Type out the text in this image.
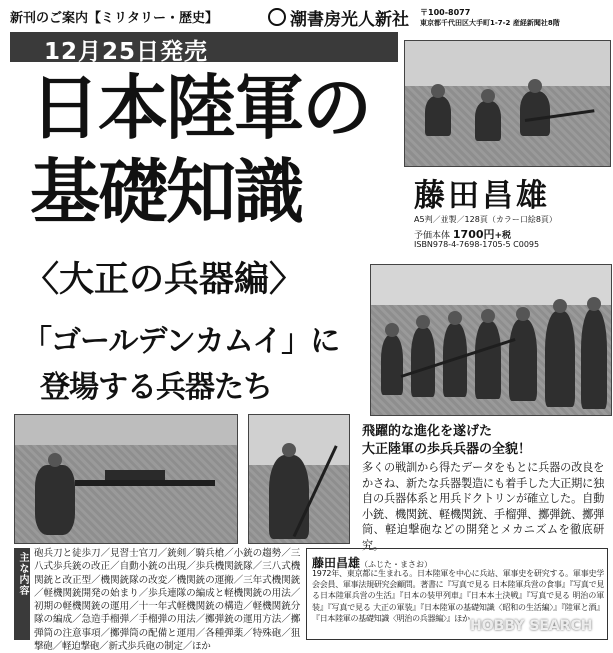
新刊のご案内【ミリタリー・歴史】	潮書房光人新社 〒100-8077
東京都千代田区大手町1-7-2 産経新聞社8階
12月25日発売
日本陸軍の
基礎知識
〈大正の兵器編〉
「ゴールデンカムイ」に
登場する兵器たち
藤田昌雄
A5判／並製／128頁（カラー口絵8頁）
予価本体 1700円+税
ISBN978-4-7698-1705-5 C0095
飛躍的な進化を遂げた
大正陸軍の歩兵兵器の全貌！
多くの戦訓から得たデータをもとに兵器の改良をかさね、新たな兵器製造にも着手した大正期に独自の兵器体系と用兵ドクトリンが確立した。自動小銃、機関銃、軽機関銃、手榴弾、擲弾銃、擲弾筒、軽迫撃砲などの開発とメカニズムを徹底研究。
主な内容 砲兵刀と徒歩刀／見習士官刀／銃剣／騎兵槍／小銃の趨勢／三八式歩兵銃の改正／自動小銃の出現／歩兵機関銃隊／三八式機関銃と改正型／機関銃隊の改変／機関銃の運搬／三年式機関銃／軽機関銃開発の始まり／歩兵連隊の編成と軽機関銃の用法／初期の軽機関銃の運用／十一年式軽機関銃の構造／軽機関銃分隊の編成／急造手榴弾／手榴弾の用法／擲弾銃の運用方法／擲弾筒の注意事項／擲弾筒の配備と運用／各種弾薬／特殊砲／狙撃砲／軽迫撃砲／新式歩兵砲の制定／ほか
藤田昌雄（ふじた・まさお）
1972年、東京都に生まれる。日本陸軍を中心に兵站、軍事史を研究する。軍事史学会会員、軍事法規研究会顧問。著書に『写真で見る 日本陸軍兵営の食事』『写真で見る日本陸軍兵営の生活』『日本の装甲列車』『日本本土決戦』『写真で見る 明治の軍装』『写真で見る 大正の軍装』『日本陸軍の基礎知識〈昭和の生活編〉』『陸軍と酒』『日本陸軍の基礎知識〈明治の兵器編〉』ほか HOBBY SEARCH
